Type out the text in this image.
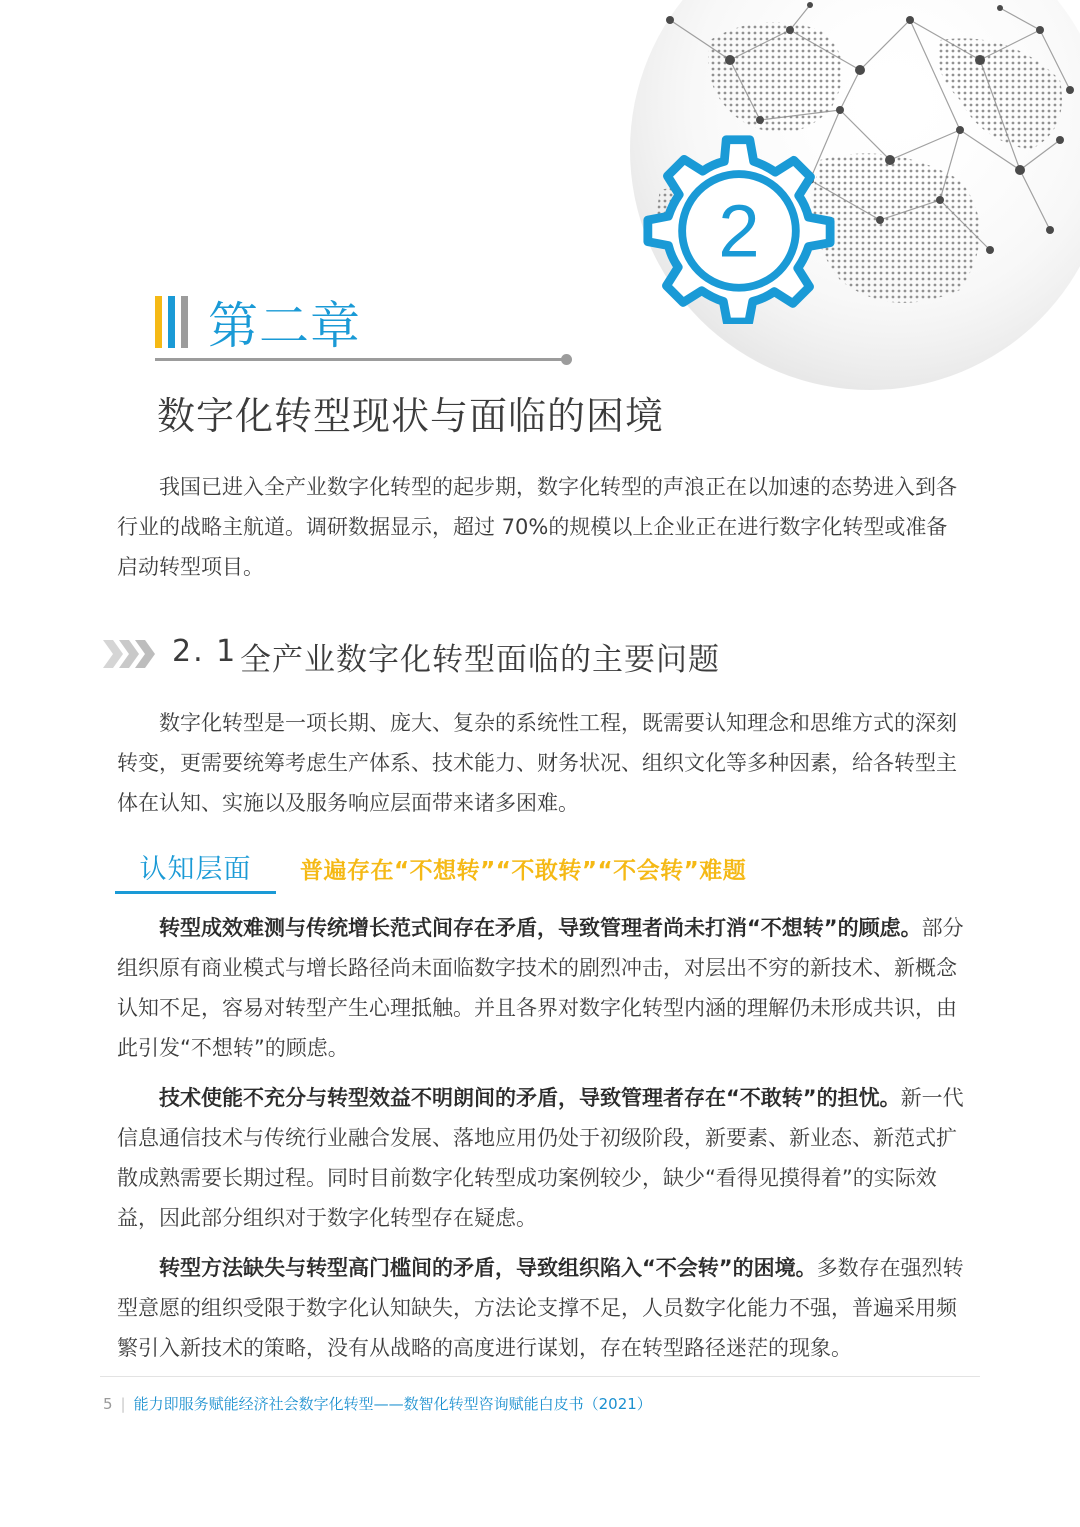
2
第二章
数字化转型现状与面临的困境

我国已进入全产业数字化转型的起步期，数字化转型的声浪正在以加速的态势进入到各行业的战略主航道。调研数据显示，超过 70%的规模以上企业正在进行数字化转型或准备启动转型项目。

2. 1 全产业数字化转型面临的主要问题

数字化转型是一项长期、庞大、复杂的系统性工程，既需要认知理念和思维方式的深刻转变，更需要统筹考虑生产体系、技术能力、财务状况、组织文化等多种因素，给各转型主体在认知、实施以及服务响应层面带来诸多困难。

认知层面	普遍存在“不想转”“不敢转”“不会转”难题

转型成效难测与传统增长范式间存在矛盾，导致管理者尚未打消“不想转”的顾虑。部分组织原有商业模式与增长路径尚未面临数字技术的剧烈冲击，对层出不穷的新技术、新概念认知不足，容易对转型产生心理抵触。并且各界对数字化转型内涵的理解仍未形成共识，由此引发“不想转”的顾虑。

技术使能不充分与转型效益不明朗间的矛盾，导致管理者存在“不敢转”的担忧。新一代信息通信技术与传统行业融合发展、落地应用仍处于初级阶段，新要素、新业态、新范式扩散成熟需要长期过程。同时目前数字化转型成功案例较少，缺少“看得见摸得着”的实际效益，因此部分组织对于数字化转型存在疑虑。

转型方法缺失与转型高门槛间的矛盾，导致组织陷入“不会转”的困境。多数存在强烈转型意愿的组织受限于数字化认知缺失，方法论支撑不足，人员数字化能力不强，普遍采用频繁引入新技术的策略，没有从战略的高度进行谋划，存在转型路径迷茫的现象。

5 | 能力即服务赋能经济社会数字化转型——数智化转型咨询赋能白皮书（2021）
